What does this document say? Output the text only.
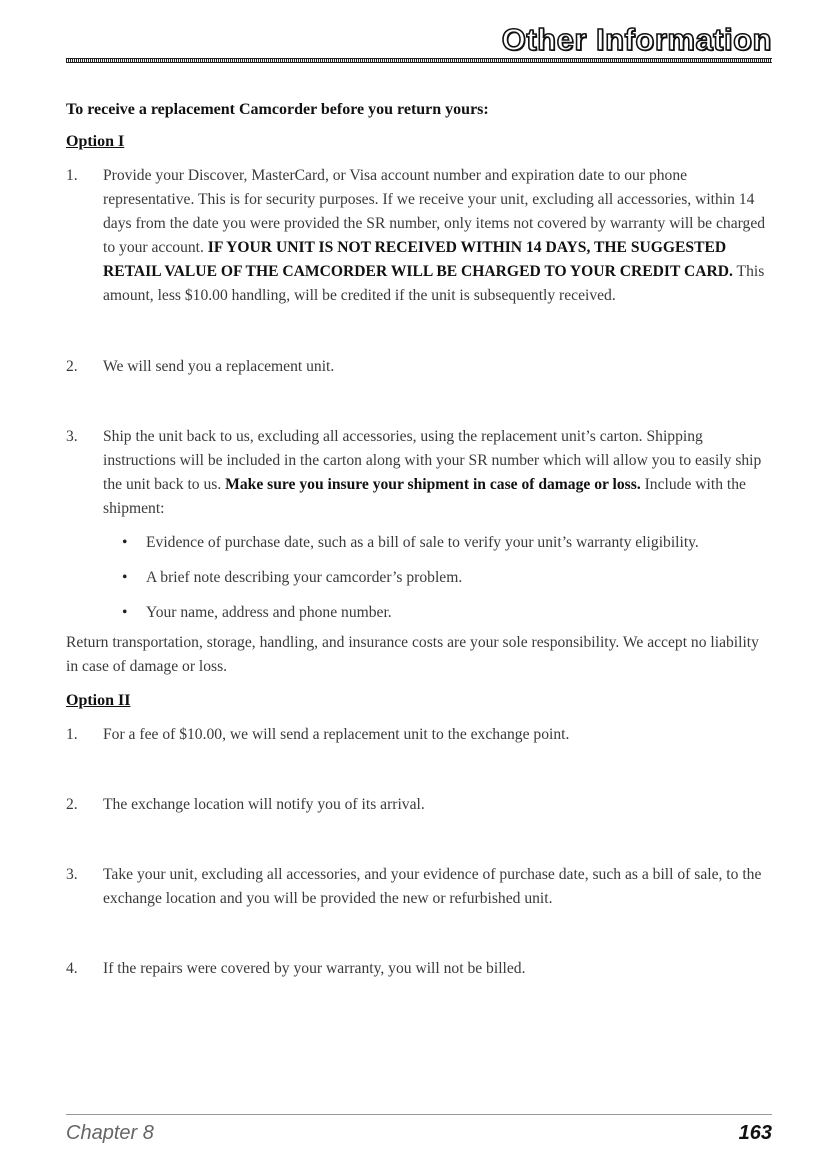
Other Information

To receive a replacement Camcorder before you return yours:

Option I

1. Provide your Discover, MasterCard, or Visa account number and expiration date to our phone representative. This is for security purposes. If we receive your unit, excluding all accessories, within 14 days from the date you were provided the SR number, only items not covered by warranty will be charged to your account. IF YOUR UNIT IS NOT RECEIVED WITHIN 14 DAYS, THE SUGGESTED RETAIL VALUE OF THE CAMCORDER WILL BE CHARGED TO YOUR CREDIT CARD. This amount, less $10.00 handling, will be credited if the unit is subsequently received.
2. We will send you a replacement unit.
3. Ship the unit back to us, excluding all accessories, using the replacement unit’s carton. Shipping instructions will be included in the carton along with your SR number which will allow you to easily ship the unit back to us. Make sure you insure your shipment in case of damage or loss. Include with the shipment:
• Evidence of purchase date, such as a bill of sale to verify your unit’s warranty eligibility.
• A brief note describing your camcorder’s problem.
• Your name, address and phone number.

Return transportation, storage, handling, and insurance costs are your sole responsibility. We accept no liability in case of damage or loss.

Option II

1. For a fee of $10.00, we will send a replacement unit to the exchange point.
2. The exchange location will notify you of its arrival.
3. Take your unit, excluding all accessories, and your evidence of purchase date, such as a bill of sale, to the exchange location and you will be provided the new or refurbished unit.
4. If the repairs were covered by your warranty, you will not be billed.
Chapter 8	163
